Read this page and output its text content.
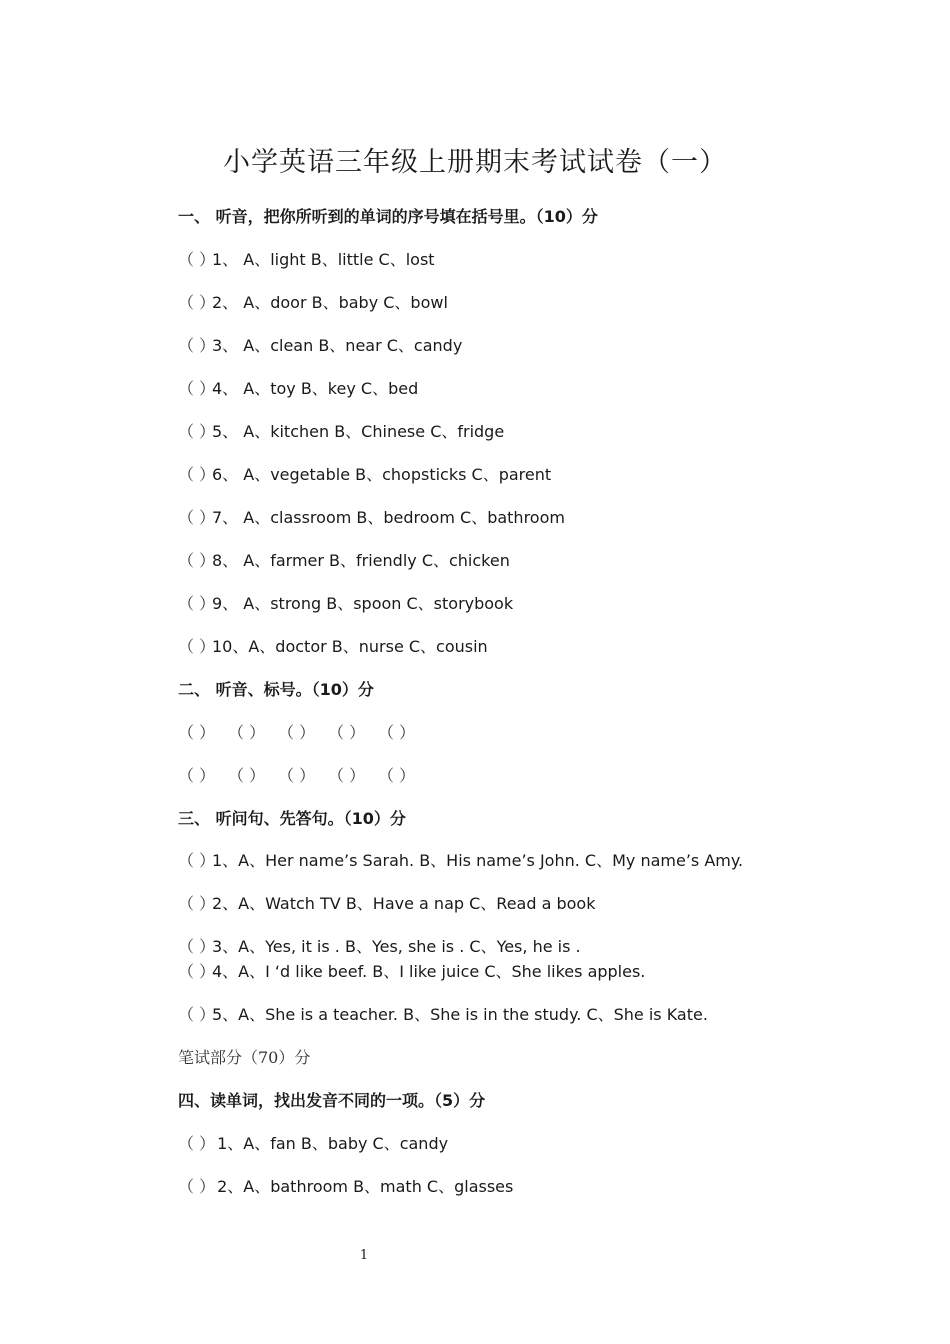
小学英语三年级上册期末考试试卷（一）
一、 听音，把你所听到的单词的序号填在括号里。（10）分
（ ）1、 A、light B、little C、lost
（ ）2、 A、door B、baby C、bowl
（ ）3、 A、clean B、near C、candy
（ ）4、 A、toy B、key C、bed
（ ）5、 A、kitchen B、Chinese C、fridge
（ ）6、 A、vegetable B、chopsticks C、parent
（ ）7、 A、classroom B、bedroom C、bathroom
（ ）8、 A、farmer B、friendly C、chicken
（ ）9、 A、strong B、spoon C、storybook
（ ）10、A、doctor B、nurse C、cousin
二、 听音、标号。（10）分
（ ） （ ） （ ） （ ） （ ）
（ ） （ ） （ ） （ ） （ ）
三、 听问句、先答句。（10）分
（ ）1、A、Her name’s Sarah. B、His name’s John. C、My name’s Amy.
（ ）2、A、Watch TV B、Have a nap C、Read a book
（ ）3、A、Yes, it is . B、Yes, she is . C、Yes, he is .
（ ）4、A、I ‘d like beef. B、I like juice C、She likes apples.
（ ）5、A、She is a teacher. B、She is in the study. C、She is Kate.
笔试部分（70）分
四、读单词，找出发音不同的一项。（5）分
（ ） 1、A、fan B、baby C、candy
（ ） 2、A、bathroom B、math C、glasses
1
